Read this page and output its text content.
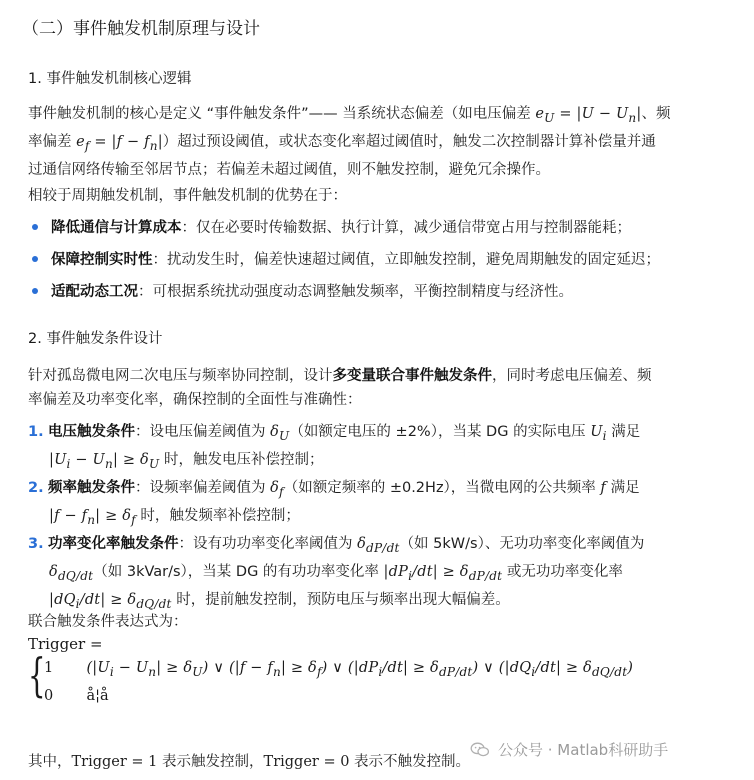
（二）事件触发机制原理与设计
1. 事件触发机制核心逻辑
事件触发机制的核心是定义 “事件触发条件”—— 当系统状态偏差（如电压偏差 $e_U = |U - U_n|$、频
率偏差 $e_f = |f - f_n|$）超过预设阈值，或状态变化率超过阈值时，触发二次控制器计算补偿量并通
过通信网络传输至邻居节点；若偏差未超过阈值，则不触发控制，避免冗余操作。
相较于周期触发机制，事件触发机制的优势在于：
降低通信与计算成本：仅在必要时传输数据、执行计算，减少通信带宽占用与控制器能耗；
保障控制实时性：扰动发生时，偏差快速超过阈值，立即触发控制，避免周期触发的固定延迟；
适配动态工况：可根据系统扰动强度动态调整触发频率，平衡控制精度与经济性。
2. 事件触发条件设计
针对孤岛微电网二次电压与频率协同控制，设计多变量联合事件触发条件，同时考虑电压偏差、频
率偏差及功率变化率，确保控制的全面性与准确性：
1. 电压触发条件：设电压偏差阈值为 $\delta_U$（如额定电压的 ±2%），当某 DG 的实际电压 $U_i$ 满足
$|U_i - U_n| \ge \delta_U$ 时，触发电压补偿控制；
2. 频率触发条件：设频率偏差阈值为 $\delta_f$（如额定频率的 ±0.2Hz），当微电网的公共频率 f 满足
$|f - f_n| \ge \delta_f$ 时，触发频率补偿控制；
3. 功率变化率触发条件：设有功功率变化率阈值为 $\delta_{dP/dt}$（如 5kW/s）、无功功率变化率阈值为
$\delta_{dQ/dt}$（如 3kVar/s），当某 DG 的有功功率变化率 $|dP_i/dt| \ge \delta_{dP/dt}$ 或无功功率变化率
$|dQ_i/dt| \ge \delta_{dQ/dt}$ 时，提前触发控制，预防电压与频率出现大幅偏差。
联合触发条件表达式为：
Trigger =
{
1 $(|U_i - U_n| \ge \delta_U)$ ∨ $(|f - f_n| \ge \delta_f)$ ∨ $(|dP_i/dt| \ge \delta_{dP/dt})$ ∨ $(|dQ_i/dt| \ge \delta_{dQ/dt})$
0 å¦å
其中，Trigger = 1 表示触发控制，Trigger = 0 表示不触发控制。
公众号 · Matlab科研助手
